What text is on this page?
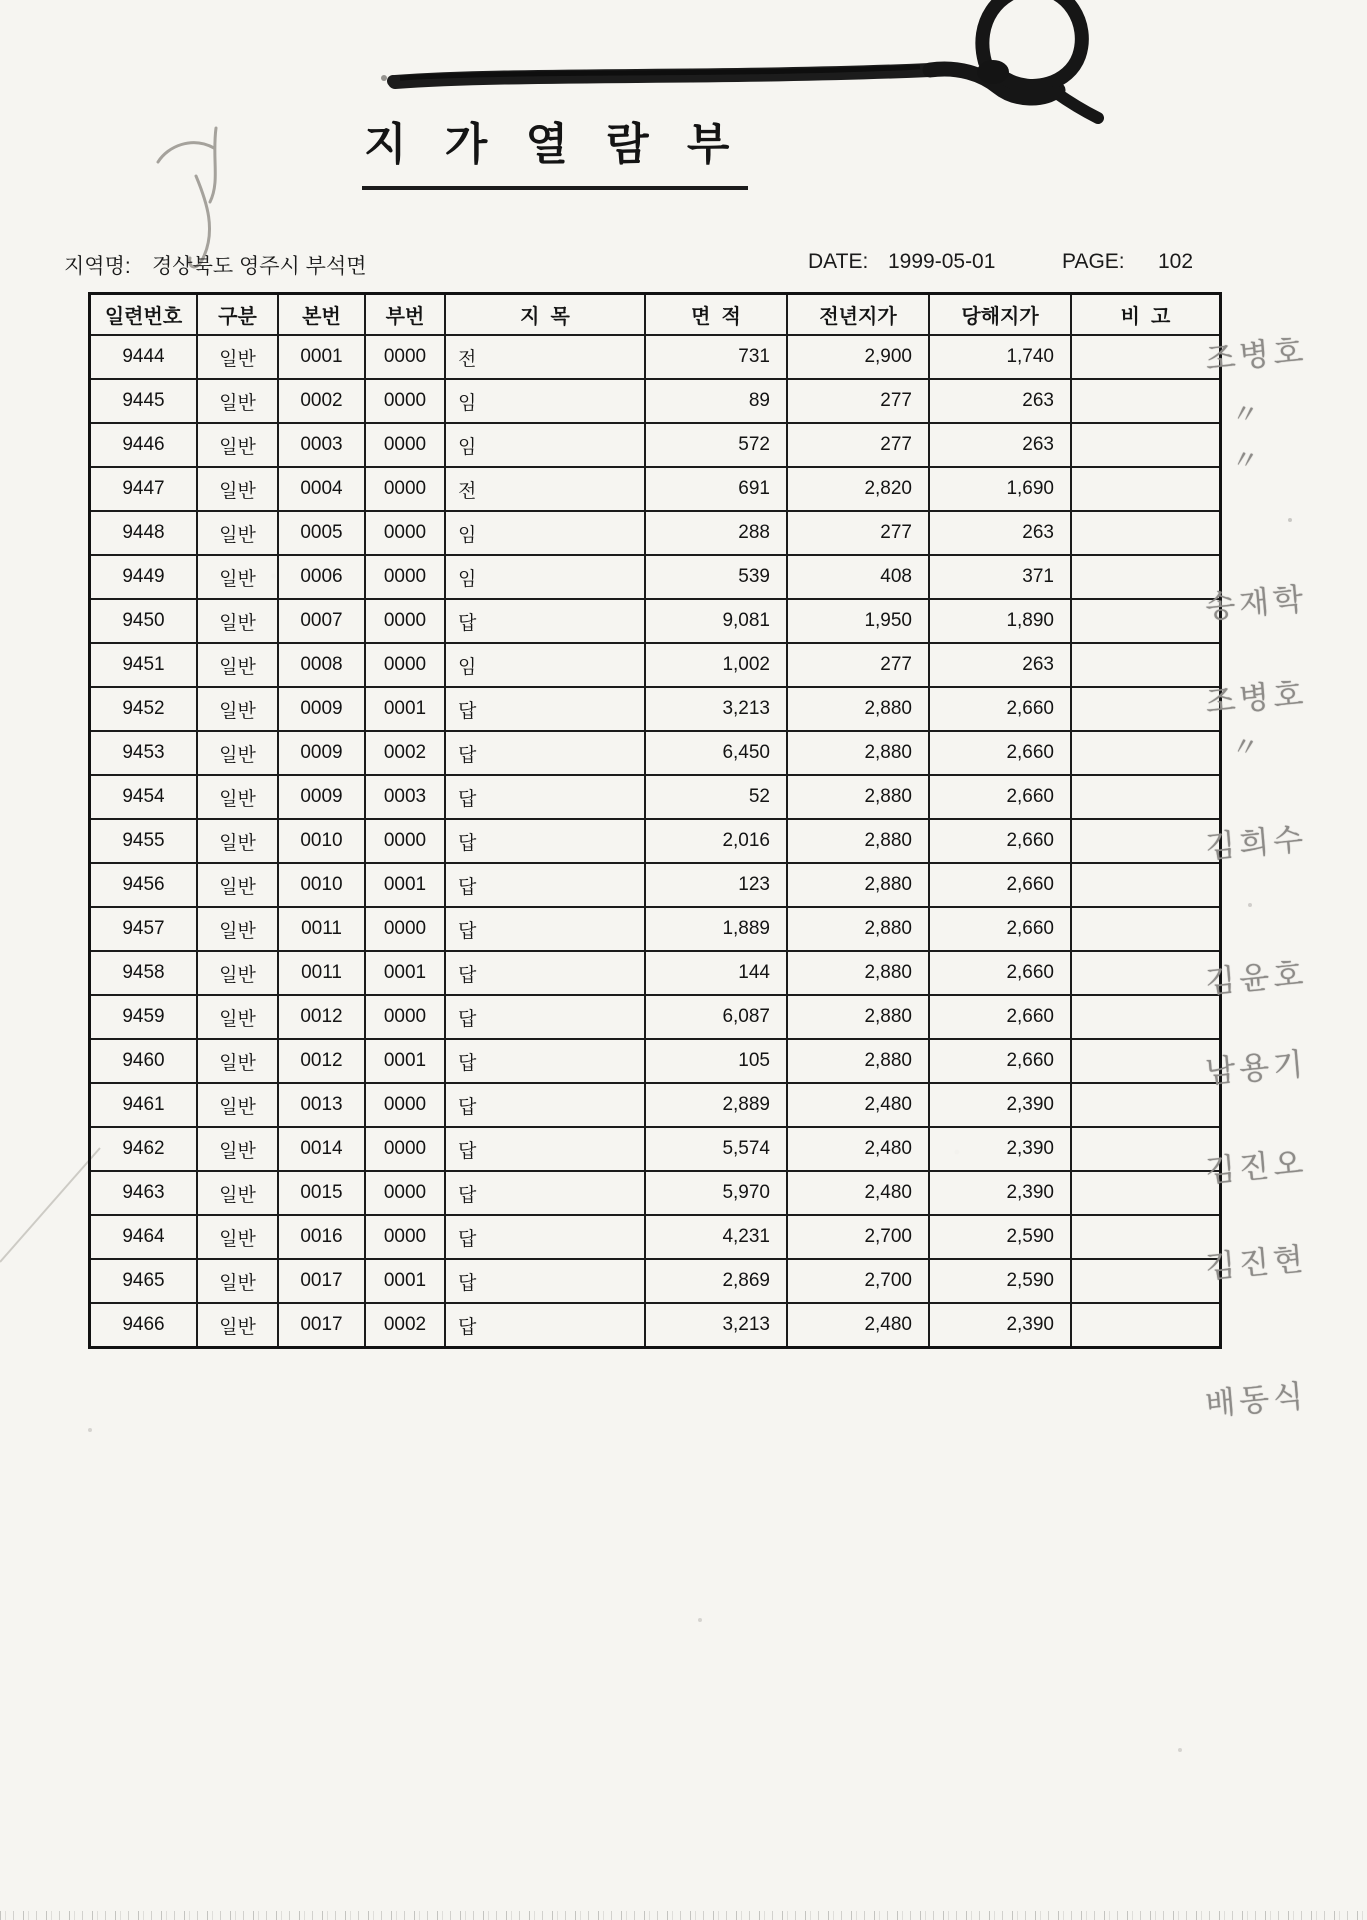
지 가 열 람 부
지역명: 경상북도 영주시 부석면	DATE: 1999-05-01	PAGE: 102
일련번호	구분	본번	부번	지  목	면  적	전년지가	당해지가	비  고
9444	일반	0001	0000	전	731	2,900	1,740	
9445	일반	0002	0000	임	89	277	263	
9446	일반	0003	0000	임	572	277	263	
9447	일반	0004	0000	전	691	2,820	1,690	
9448	일반	0005	0000	임	288	277	263	
9449	일반	0006	0000	임	539	408	371	
9450	일반	0007	0000	답	9,081	1,950	1,890	
9451	일반	0008	0000	임	1,002	277	263	
9452	일반	0009	0001	답	3,213	2,880	2,660	
9453	일반	0009	0002	답	6,450	2,880	2,660	
9454	일반	0009	0003	답	52	2,880	2,660	
9455	일반	0010	0000	답	2,016	2,880	2,660	
9456	일반	0010	0001	답	123	2,880	2,660	
9457	일반	0011	0000	답	1,889	2,880	2,660	
9458	일반	0011	0001	답	144	2,880	2,660	
9459	일반	0012	0000	답	6,087	2,880	2,660	
9460	일반	0012	0001	답	105	2,880	2,660	
9461	일반	0013	0000	답	2,889	2,480	2,390	
9462	일반	0014	0000	답	5,574	2,480	2,390	
9463	일반	0015	0000	답	5,970	2,480	2,390	
9464	일반	0016	0000	답	4,231	2,700	2,590	
9465	일반	0017	0001	답	2,869	2,700	2,590	
9466	일반	0017	0002	답	3,213	2,480	2,390	
조병호
〃
〃
송재학
조병호
〃
김희수
김윤호
남용기
김진오
김진현
배동식
